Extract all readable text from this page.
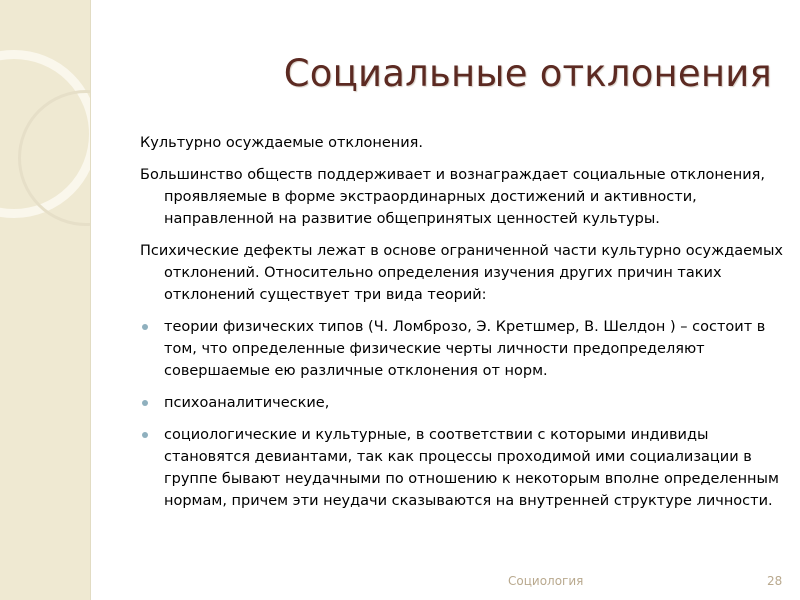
Социальные отклонения

Культурно осуждаемые отклонения.

Большинство обществ поддерживает и вознаграждает социальные отклонения, проявляемые в форме экстраординарных достижений и активности, направленной на развитие общепринятых ценностей культуры.

Психические дефекты лежат в основе ограниченной части культурно осуждаемых отклонений. Относительно определения изучения других причин таких отклонений существует три вида теорий:

теории физических типов (Ч. Ломброзо, Э. Кретшмер, В. Шелдон ) – состоит в том, что определенные физические черты личности предопределяют совершаемые ею различные отклонения от норм.
психоаналитические,
социологические и культурные, в соответствии с которыми индивиды становятся девиантами, так как процессы проходимой ими социализации в группе бывают неудачными по отношению к некоторым вполне определенным нормам, причем эти неудачи сказываются на внутренней структуре личности.
Социология	28
